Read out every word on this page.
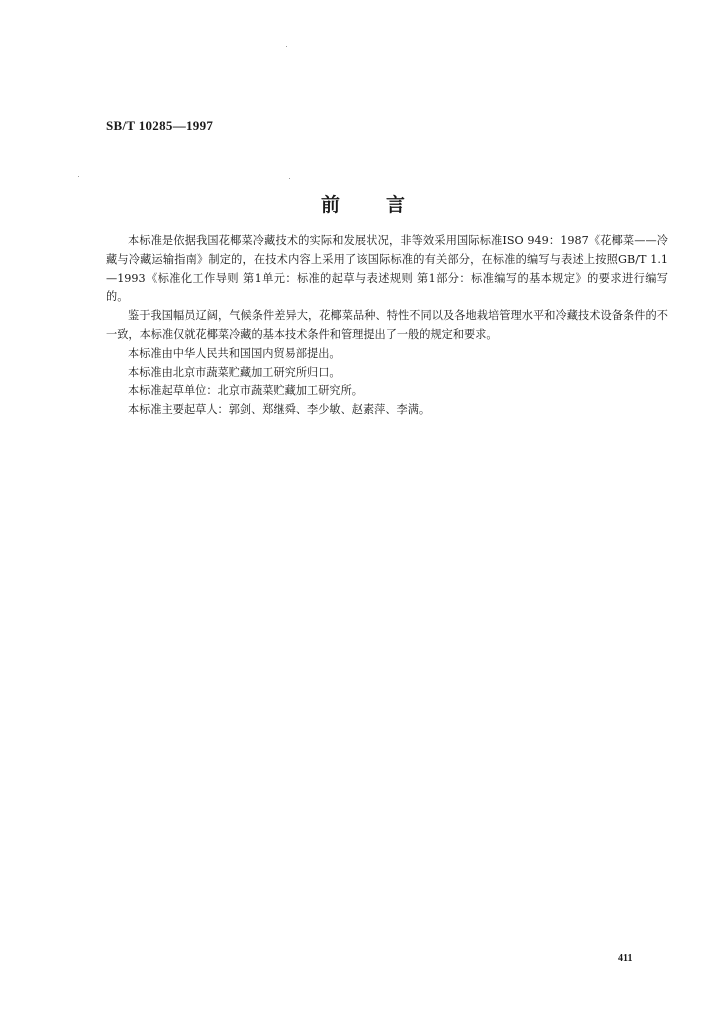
SB/T 10285—1997
前言

本标准是依据我国花椰菜冷藏技术的实际和发展状况，非等效采用国际标准ISO 949：1987《花椰菜——冷藏与冷藏运输指南》制定的，在技术内容上采用了该国际标准的有关部分，在标准的编写与表述上按照GB/T 1.1—1993《标准化工作导则 第1单元：标准的起草与表述规则 第1部分：标准编写的基本规定》的要求进行编写的。

鉴于我国幅员辽阔，气候条件差异大，花椰菜品种、特性不同以及各地栽培管理水平和冷藏技术设备条件的不一致，本标准仅就花椰菜冷藏的基本技术条件和管理提出了一般的规定和要求。

本标准由中华人民共和国国内贸易部提出。

本标准由北京市蔬菜贮藏加工研究所归口。

本标准起草单位：北京市蔬菜贮藏加工研究所。

本标准主要起草人：郭剑、郑继舜、李少敏、赵素萍、李满。

411
